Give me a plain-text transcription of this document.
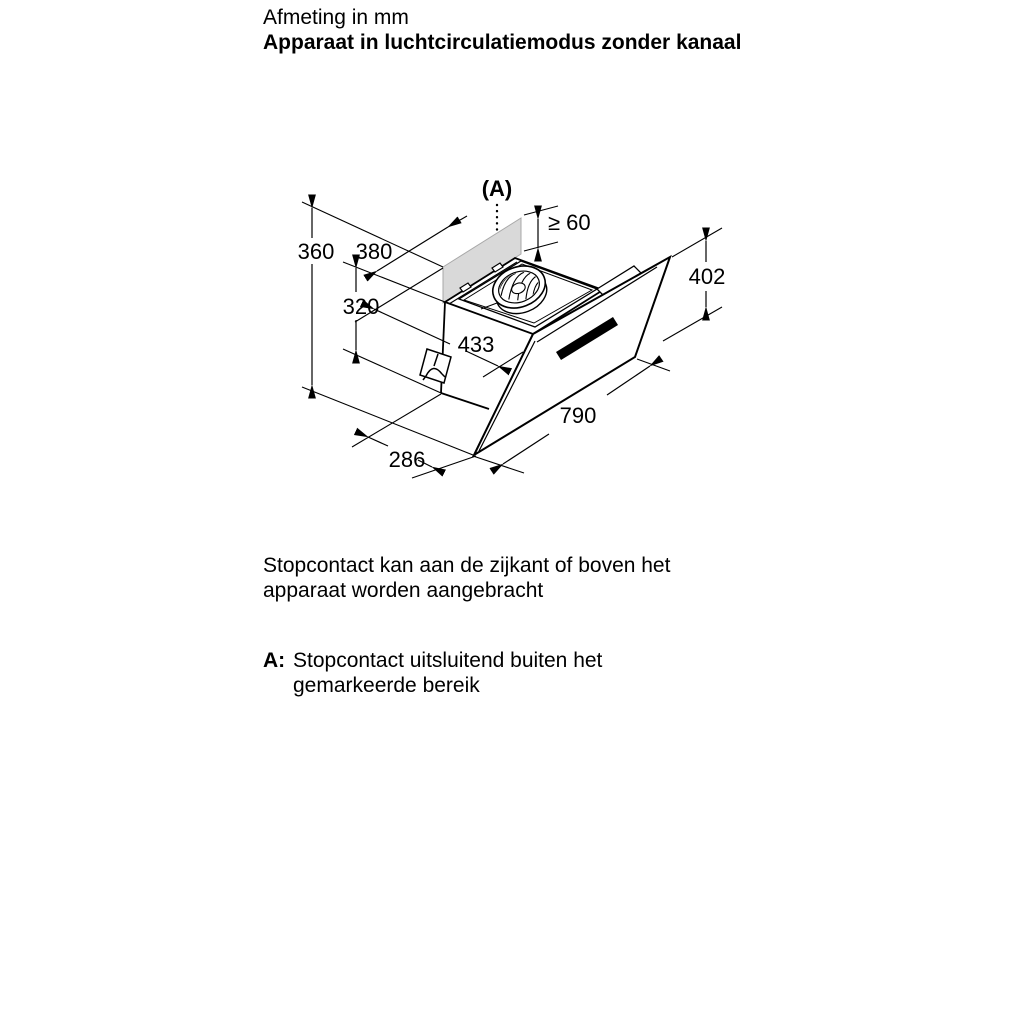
Afmeting in mm
Apparaat in luchtcirculatiemodus zonder kanaal
(A)
360 380
320
433
≥ 60
402
790
286
Stopcontact kan aan de zijkant of boven het apparaat worden aangebracht
A: Stopcontact uitsluitend buiten het gemarkeerde bereik
